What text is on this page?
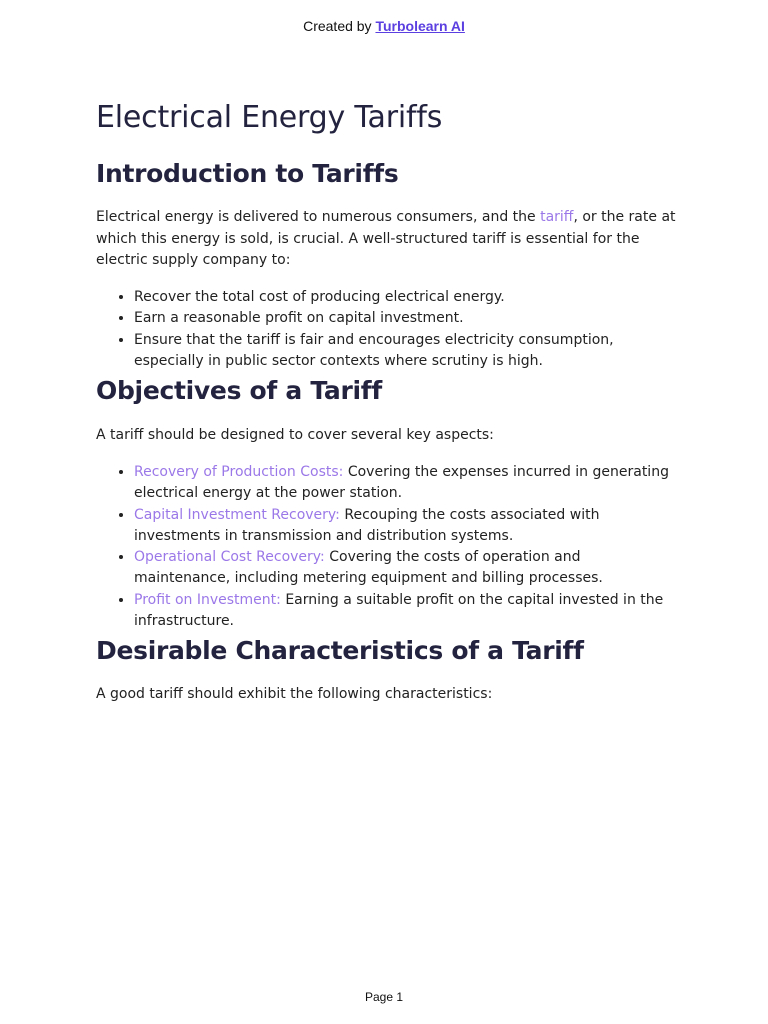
Created by Turbolearn AI
Electrical Energy Tariffs
Introduction to Tariffs

Electrical energy is delivered to numerous consumers, and the tariff, or the rate at which this energy is sold, is crucial. A well-structured tariff is essential for the electric supply company to:

• Recover the total cost of producing electrical energy.
• Earn a reasonable profit on capital investment.
• Ensure that the tariff is fair and encourages electricity consumption, especially in public sector contexts where scrutiny is high.
Objectives of a Tariff

A tariff should be designed to cover several key aspects:

• Recovery of Production Costs: Covering the expenses incurred in generating electrical energy at the power station.
• Capital Investment Recovery: Recouping the costs associated with investments in transmission and distribution systems.
• Operational Cost Recovery: Covering the costs of operation and maintenance, including metering equipment and billing processes.
• Profit on Investment: Earning a suitable profit on the capital invested in the infrastructure.
Desirable Characteristics of a Tariff

A good tariff should exhibit the following characteristics:

Page 1
